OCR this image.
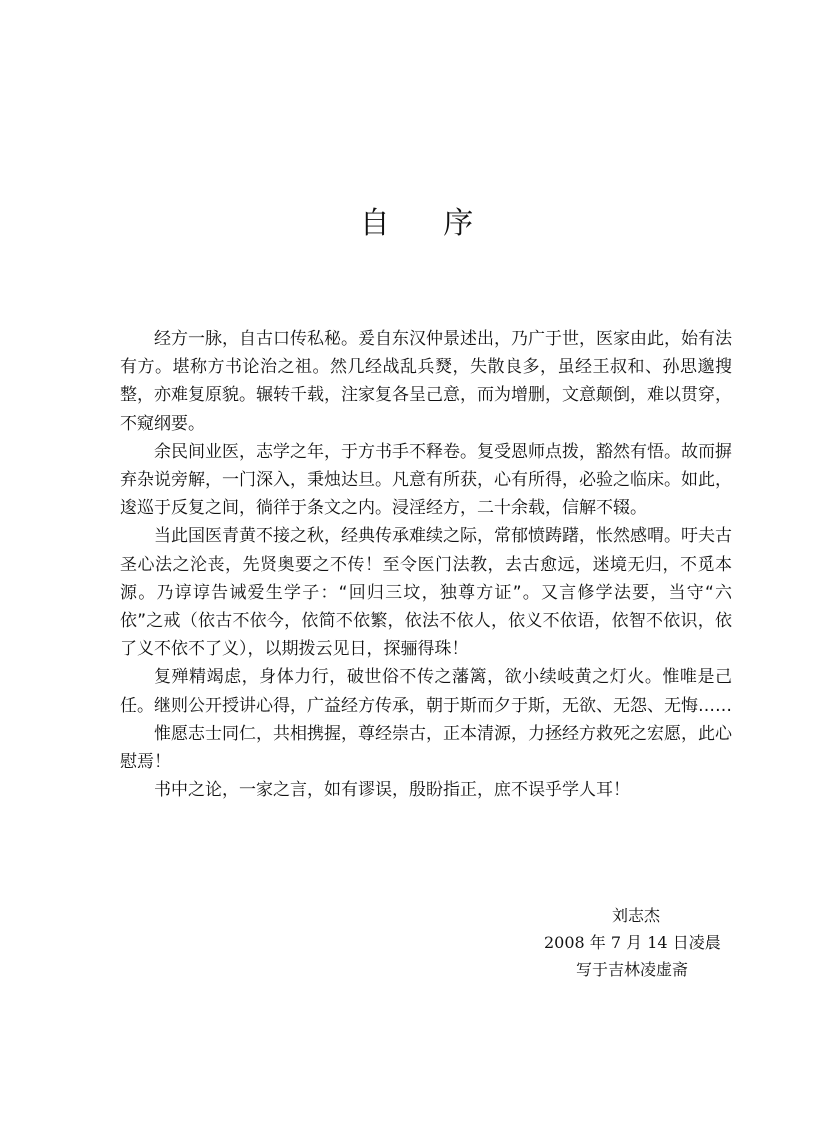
自 序

经方一脉，自古口传私秘。爰自东汉仲景述出，乃广于世，医家由此，始有法有方。堪称方书论治之祖。然几经战乱兵燹，失散良多，虽经王叔和、孙思邈搜整，亦难复原貌。辗转千载，注家复各呈己意，而为增删，文意颠倒，难以贯穿，不窥纲要。

余民间业医，志学之年，于方书手不释卷。复受恩师点拨，豁然有悟。故而摒弃杂说旁解，一门深入，秉烛达旦。凡意有所获，心有所得，必验之临床。如此，逡巡于反复之间，徜徉于条文之内。浸淫经方，二十余载，信解不辍。

当此国医青黄不接之秋，经典传承难续之际，常郁愤踌躇，怅然感喟。吁夫古圣心法之沦丧，先贤奥要之不传！至令医门法教，去古愈远，迷境无归，不觅本源。乃谆谆告诫爱生学子：“回归三坟，独尊方证”。又言修学法要，当守“六依”之戒（依古不依今，依简不依繁，依法不依人，依义不依语，依智不依识，依了义不依不了义），以期拨云见日，探骊得珠！

复殚精竭虑，身体力行，破世俗不传之藩篱，欲小续岐黄之灯火。惟唯是己任。继则公开授讲心得，广益经方传承，朝于斯而夕于斯，无欲、无怨、无悔……

惟愿志士同仁，共相携握，尊经崇古，正本清源，力拯经方救死之宏愿，此心慰焉！

书中之论，一家之言，如有谬误，殷盼指正，庶不误乎学人耳！

刘志杰
2008 年 7 月 14 日凌晨
写于吉林凌虚斋
